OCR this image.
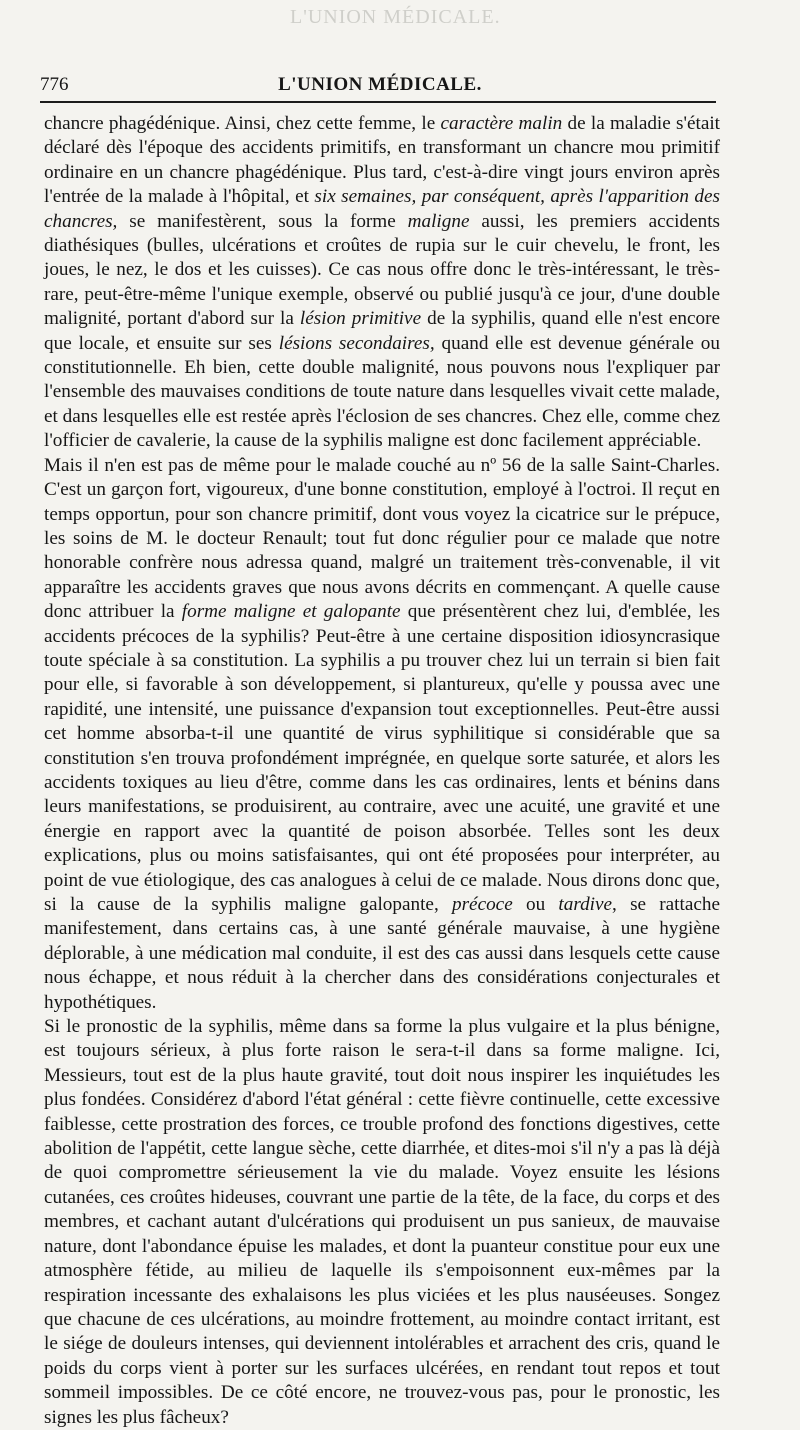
L'UNION MÉDICALE.
776	L'UNION MÉDICALE.

chancre phagédénique. Ainsi, chez cette femme, le caractère malin de la maladie s'était déclaré dès l'époque des accidents primitifs, en transformant un chancre mou primitif ordinaire en un chancre phagédénique. Plus tard, c'est-à-dire vingt jours environ après l'entrée de la malade à l'hôpital, et six semaines, par conséquent, après l'apparition des chancres, se manifestèrent, sous la forme maligne aussi, les premiers accidents diathésiques (bulles, ulcérations et croûtes de rupia sur le cuir chevelu, le front, les joues, le nez, le dos et les cuisses). Ce cas nous offre donc le très-intéressant, le très-rare, peut-être-même l'unique exemple, observé ou publié jusqu'à ce jour, d'une double malignité, portant d'abord sur la lésion primitive de la syphilis, quand elle n'est encore que locale, et ensuite sur ses lésions secondaires, quand elle est devenue générale ou constitutionnelle. Eh bien, cette double malignité, nous pouvons nous l'expliquer par l'ensemble des mauvaises conditions de toute nature dans lesquelles vivait cette malade, et dans lesquelles elle est restée après l'éclosion de ses chancres. Chez elle, comme chez l'officier de cavalerie, la cause de la syphilis maligne est donc facilement appréciable.

Mais il n'en est pas de même pour le malade couché au nº 56 de la salle Saint-Charles. C'est un garçon fort, vigoureux, d'une bonne constitution, employé à l'octroi. Il reçut en temps opportun, pour son chancre primitif, dont vous voyez la cicatrice sur le prépuce, les soins de M. le docteur Renault; tout fut donc régulier pour ce malade que notre honorable confrère nous adressa quand, malgré un traitement très-convenable, il vit apparaître les accidents graves que nous avons décrits en commençant. A quelle cause donc attribuer la forme maligne et galopante que présentèrent chez lui, d'emblée, les accidents précoces de la syphilis? Peut-être à une certaine disposition idiosyncrasique toute spéciale à sa constitution. La syphilis a pu trouver chez lui un terrain si bien fait pour elle, si favorable à son développement, si plantureux, qu'elle y poussa avec une rapidité, une intensité, une puissance d'expansion tout exceptionnelles. Peut-être aussi cet homme absorba-t-il une quantité de virus syphilitique si considérable que sa constitution s'en trouva profondément imprégnée, en quelque sorte saturée, et alors les accidents toxiques au lieu d'être, comme dans les cas ordinaires, lents et bénins dans leurs manifestations, se produisirent, au contraire, avec une acuité, une gravité et une énergie en rapport avec la quantité de poison absorbée. Telles sont les deux explications, plus ou moins satisfaisantes, qui ont été proposées pour interpréter, au point de vue étiologique, des cas analogues à celui de ce malade. Nous dirons donc que, si la cause de la syphilis maligne galopante, précoce ou tardive, se rattache manifestement, dans certains cas, à une santé générale mauvaise, à une hygiène déplorable, à une médication mal conduite, il est des cas aussi dans lesquels cette cause nous échappe, et nous réduit à la chercher dans des considérations conjecturales et hypothétiques.

Si le pronostic de la syphilis, même dans sa forme la plus vulgaire et la plus bénigne, est toujours sérieux, à plus forte raison le sera-t-il dans sa forme maligne. Ici, Messieurs, tout est de la plus haute gravité, tout doit nous inspirer les inquiétudes les plus fondées. Considérez d'abord l'état général : cette fièvre continuelle, cette excessive faiblesse, cette prostration des forces, ce trouble profond des fonctions digestives, cette abolition de l'appétit, cette langue sèche, cette diarrhée, et dites-moi s'il n'y a pas là déjà de quoi compromettre sérieusement la vie du malade. Voyez ensuite les lésions cutanées, ces croûtes hideuses, couvrant une partie de la tête, de la face, du corps et des membres, et cachant autant d'ulcérations qui produisent un pus sanieux, de mauvaise nature, dont l'abondance épuise les malades, et dont la puanteur constitue pour eux une atmosphère fétide, au milieu de laquelle ils s'empoisonnent eux-mêmes par la respiration incessante des exhalaisons les plus viciées et les plus nauséeuses. Songez que chacune de ces ulcérations, au moindre frottement, au moindre contact irritant, est le siége de douleurs intenses, qui deviennent intolérables et arrachent des cris, quand le poids du corps vient à porter sur les surfaces ulcérées, en rendant tout repos et tout sommeil impossibles. De ce côté encore, ne trouvez-vous pas, pour le pronostic, les signes les plus fâcheux?
